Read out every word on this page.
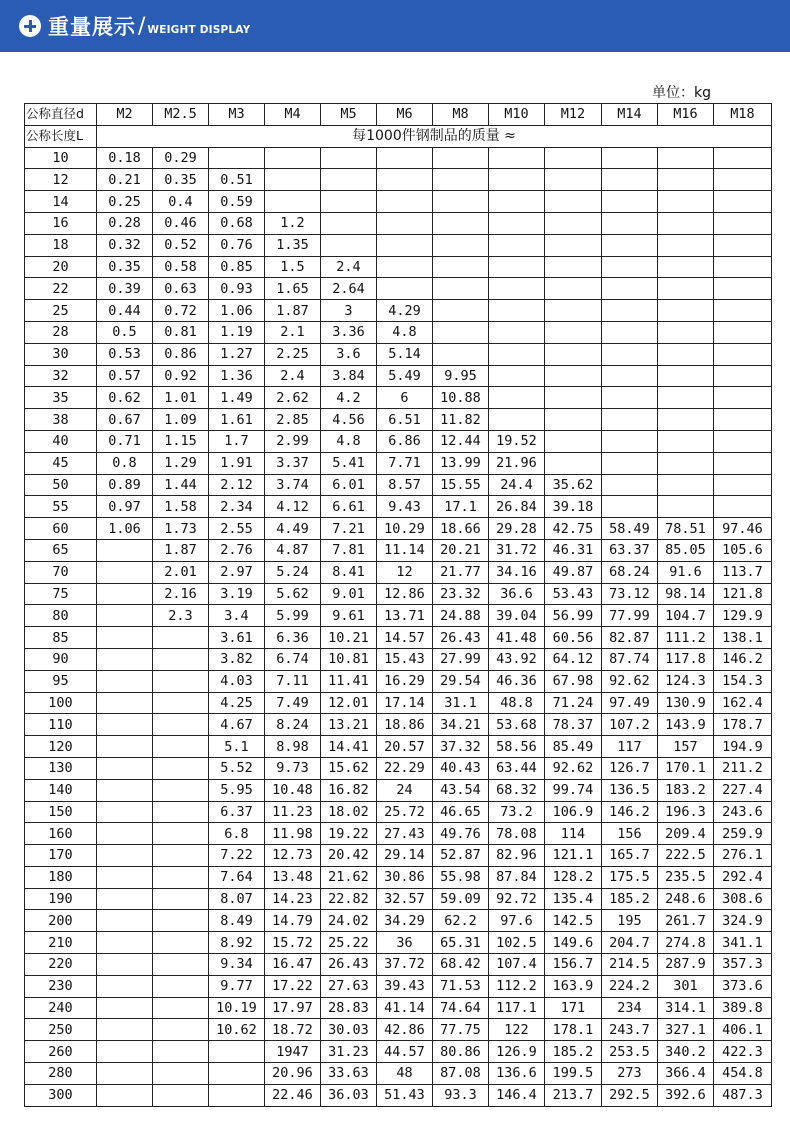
重量展示 / WEIGHT DISPLAY
单位：kg
公称直径d	M2	M2.5	M3	M4	M5	M6	M8	M10	M12	M14	M16	M18
公称长度L	每1000件钢制品的质量 ≈											
10	0.18	0.29										
12	0.21	0.35	0.51									
14	0.25	0.4	0.59									
16	0.28	0.46	0.68	1.2								
18	0.32	0.52	0.76	1.35								
20	0.35	0.58	0.85	1.5	2.4							
22	0.39	0.63	0.93	1.65	2.64							
25	0.44	0.72	1.06	1.87	3	4.29						
28	0.5	0.81	1.19	2.1	3.36	4.8						
30	0.53	0.86	1.27	2.25	3.6	5.14						
32	0.57	0.92	1.36	2.4	3.84	5.49	9.95					
35	0.62	1.01	1.49	2.62	4.2	6	10.88					
38	0.67	1.09	1.61	2.85	4.56	6.51	11.82					
40	0.71	1.15	1.7	2.99	4.8	6.86	12.44	19.52				
45	0.8	1.29	1.91	3.37	5.41	7.71	13.99	21.96				
50	0.89	1.44	2.12	3.74	6.01	8.57	15.55	24.4	35.62			
55	0.97	1.58	2.34	4.12	6.61	9.43	17.1	26.84	39.18			
60	1.06	1.73	2.55	4.49	7.21	10.29	18.66	29.28	42.75	58.49	78.51	97.46
65		1.87	2.76	4.87	7.81	11.14	20.21	31.72	46.31	63.37	85.05	105.6
70		2.01	2.97	5.24	8.41	12	21.77	34.16	49.87	68.24	91.6	113.7
75		2.16	3.19	5.62	9.01	12.86	23.32	36.6	53.43	73.12	98.14	121.8
80		2.3	3.4	5.99	9.61	13.71	24.88	39.04	56.99	77.99	104.7	129.9
85			3.61	6.36	10.21	14.57	26.43	41.48	60.56	82.87	111.2	138.1
90			3.82	6.74	10.81	15.43	27.99	43.92	64.12	87.74	117.8	146.2
95			4.03	7.11	11.41	16.29	29.54	46.36	67.98	92.62	124.3	154.3
100			4.25	7.49	12.01	17.14	31.1	48.8	71.24	97.49	130.9	162.4
110			4.67	8.24	13.21	18.86	34.21	53.68	78.37	107.2	143.9	178.7
120			5.1	8.98	14.41	20.57	37.32	58.56	85.49	117	157	194.9
130			5.52	9.73	15.62	22.29	40.43	63.44	92.62	126.7	170.1	211.2
140			5.95	10.48	16.82	24	43.54	68.32	99.74	136.5	183.2	227.4
150			6.37	11.23	18.02	25.72	46.65	73.2	106.9	146.2	196.3	243.6
160			6.8	11.98	19.22	27.43	49.76	78.08	114	156	209.4	259.9
170			7.22	12.73	20.42	29.14	52.87	82.96	121.1	165.7	222.5	276.1
180			7.64	13.48	21.62	30.86	55.98	87.84	128.2	175.5	235.5	292.4
190			8.07	14.23	22.82	32.57	59.09	92.72	135.4	185.2	248.6	308.6
200			8.49	14.79	24.02	34.29	62.2	97.6	142.5	195	261.7	324.9
210			8.92	15.72	25.22	36	65.31	102.5	149.6	204.7	274.8	341.1
220			9.34	16.47	26.43	37.72	68.42	107.4	156.7	214.5	287.9	357.3
230			9.77	17.22	27.63	39.43	71.53	112.2	163.9	224.2	301	373.6
240			10.19	17.97	28.83	41.14	74.64	117.1	171	234	314.1	389.8
250			10.62	18.72	30.03	42.86	77.75	122	178.1	243.7	327.1	406.1
260				1947	31.23	44.57	80.86	126.9	185.2	253.5	340.2	422.3
280				20.96	33.63	48	87.08	136.6	199.5	273	366.4	454.8
300				22.46	36.03	51.43	93.3	146.4	213.7	292.5	392.6	487.3
